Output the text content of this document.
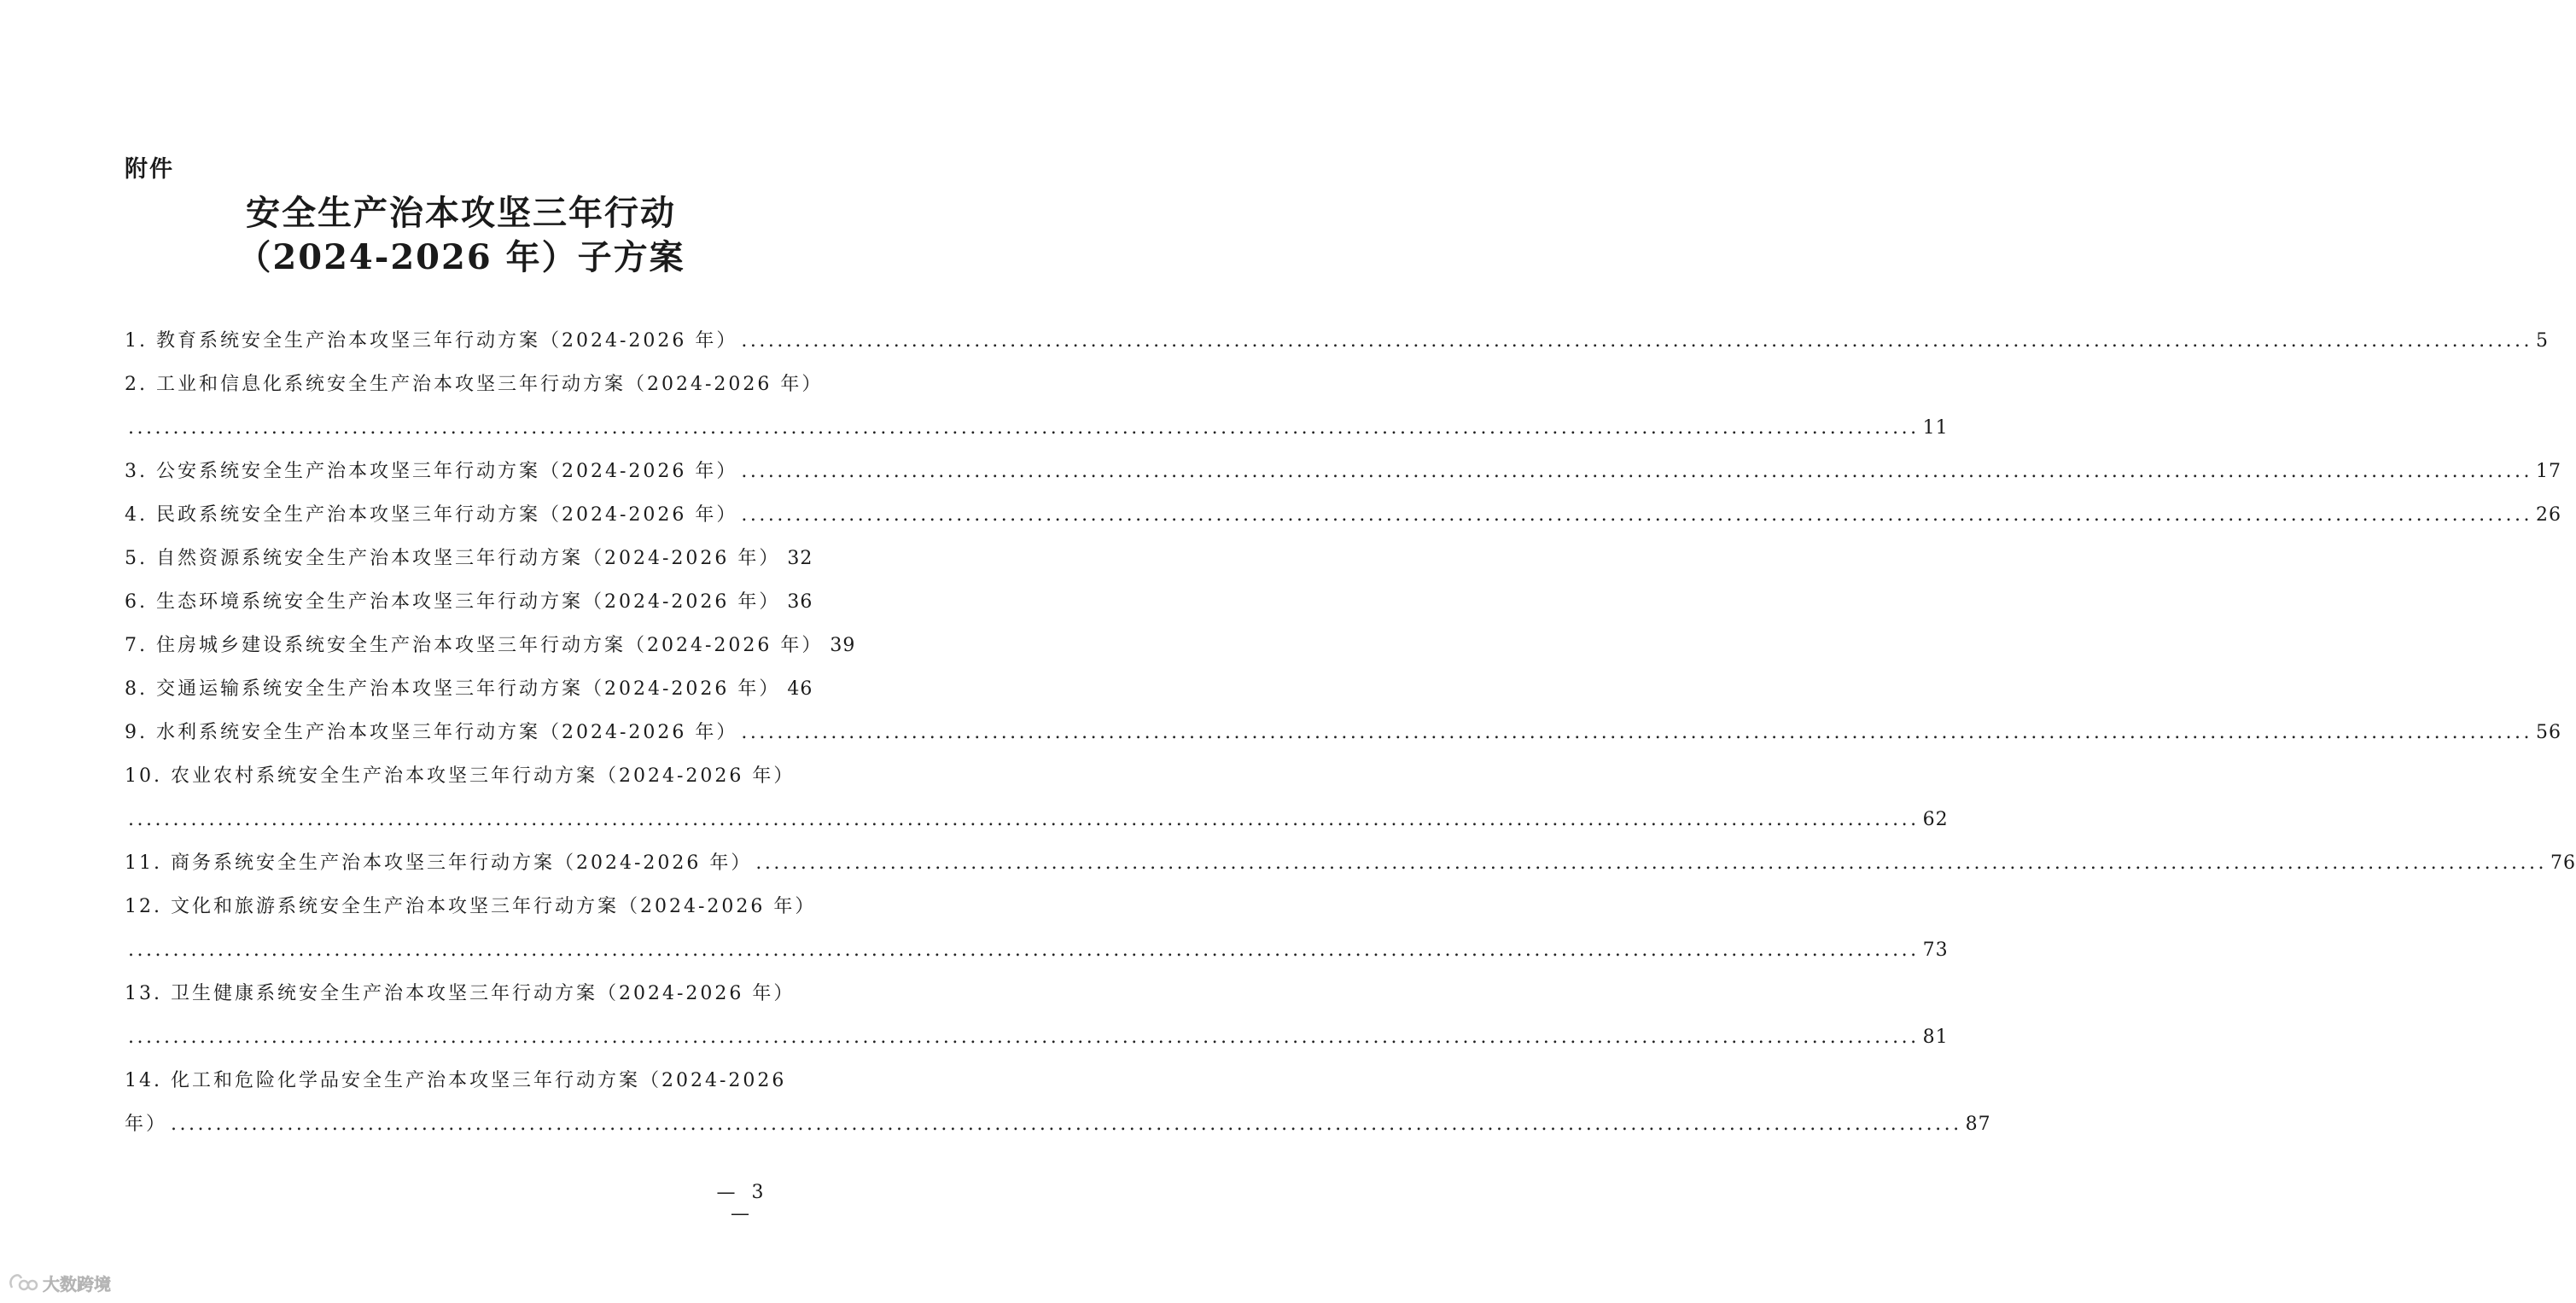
附件
安全生产治本攻坚三年行动
（2024-2026 年）子方案
1. 教育系统安全生产治本攻坚三年行动方案（2024-2026 年） ........................................................................................................................................................................................................ 5
2. 工业和信息化系统安全生产治本攻坚三年行动方案（2024-2026 年）
........................................................................................................................................................................................................ 11
3. 公安系统安全生产治本攻坚三年行动方案（2024-2026 年） ........................................................................................................................................................................................................ 17
4. 民政系统安全生产治本攻坚三年行动方案（2024-2026 年） ........................................................................................................................................................................................................ 26
5. 自然资源系统安全生产治本攻坚三年行动方案（2024-2026 年） 32
6. 生态环境系统安全生产治本攻坚三年行动方案（2024-2026 年） 36
7. 住房城乡建设系统安全生产治本攻坚三年行动方案（2024-2026 年） 39
8. 交通运输系统安全生产治本攻坚三年行动方案（2024-2026 年） 46
9. 水利系统安全生产治本攻坚三年行动方案（2024-2026 年） ........................................................................................................................................................................................................ 56
10. 农业农村系统安全生产治本攻坚三年行动方案（2024-2026 年）
........................................................................................................................................................................................................ 62
11. 商务系统安全生产治本攻坚三年行动方案（2024-2026 年） ........................................................................................................................................................................................................ 76
12. 文化和旅游系统安全生产治本攻坚三年行动方案（2024-2026 年）
........................................................................................................................................................................................................ 73
13. 卫生健康系统安全生产治本攻坚三年行动方案（2024-2026 年）
........................................................................................................................................................................................................ 81
14. 化工和危险化学品安全生产治本攻坚三年行动方案（2024-2026
年） ........................................................................................................................................................................................................ 87
— 3 —
大数跨境
